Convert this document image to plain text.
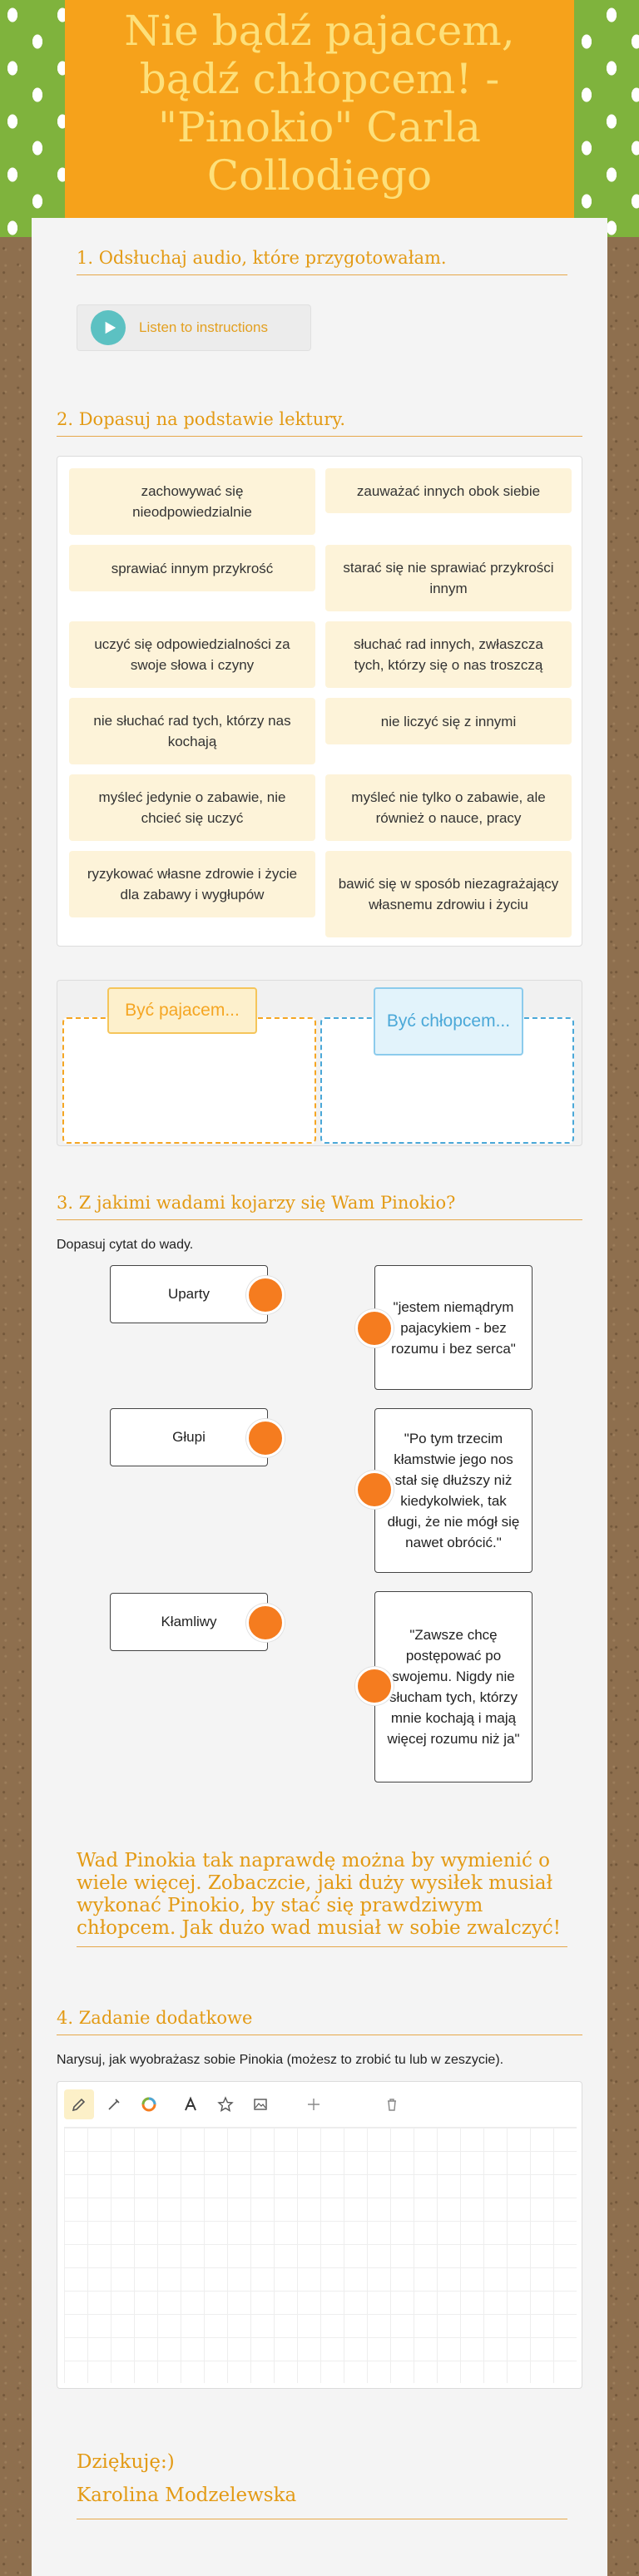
Nie bądź pajacem, bądź chłopcem! - "Pinokio" Carla Collodiego
1. Odsłuchaj audio, które przygotowałam.
Listen to instructions
2. Dopasuj na podstawie lektury.
zachowywać się nieodpowiedzialnie
zauważać innych obok siebie
sprawiać innym przykrość	starać się nie sprawiać przykrości innym
uczyć się odpowiedzialności za swoje słowa i czyny
słuchać rad innych, zwłaszcza tych, którzy się o nas troszczą
nie słuchać rad tych, którzy nas kochają
nie liczyć się z innymi
myśleć jedynie o zabawie, nie chcieć się uczyć
myśleć nie tylko o zabawie, ale również o nauce, pracy
ryzykować własne zdrowie i życie dla zabawy i wygłupów
bawić się w sposób niezagrażający własnemu zdrowiu i życiu
Być pajacem...
Być chłopcem...
3. Z jakimi wadami kojarzy się Wam Pinokio?
Dopasuj cytat do wady.
Uparty
Głupi
Kłamliwy
"jestem niemądrym pajacykiem - bez rozumu i bez serca"
"Po tym trzecim kłamstwie jego nos stał się dłuższy niż kiedykolwiek, tak długi, że nie mógł się nawet obrócić."
"Zawsze chcę postępować po swojemu. Nigdy nie słucham tych, którzy mnie kochają i mają więcej rozumu niż ja"
Wad Pinokia tak naprawdę można by wymienić o wiele więcej. Zobaczcie, jaki duży wysiłek musiał wykonać Pinokio, by stać się prawdziwym chłopcem. Jak dużo wad musiał w sobie zwalczyć!
4. Zadanie dodatkowe
Narysuj, jak wyobrażasz sobie Pinokia (możesz to zrobić tu lub w zeszycie).
Dziękuję:)
Karolina Modzelewska
